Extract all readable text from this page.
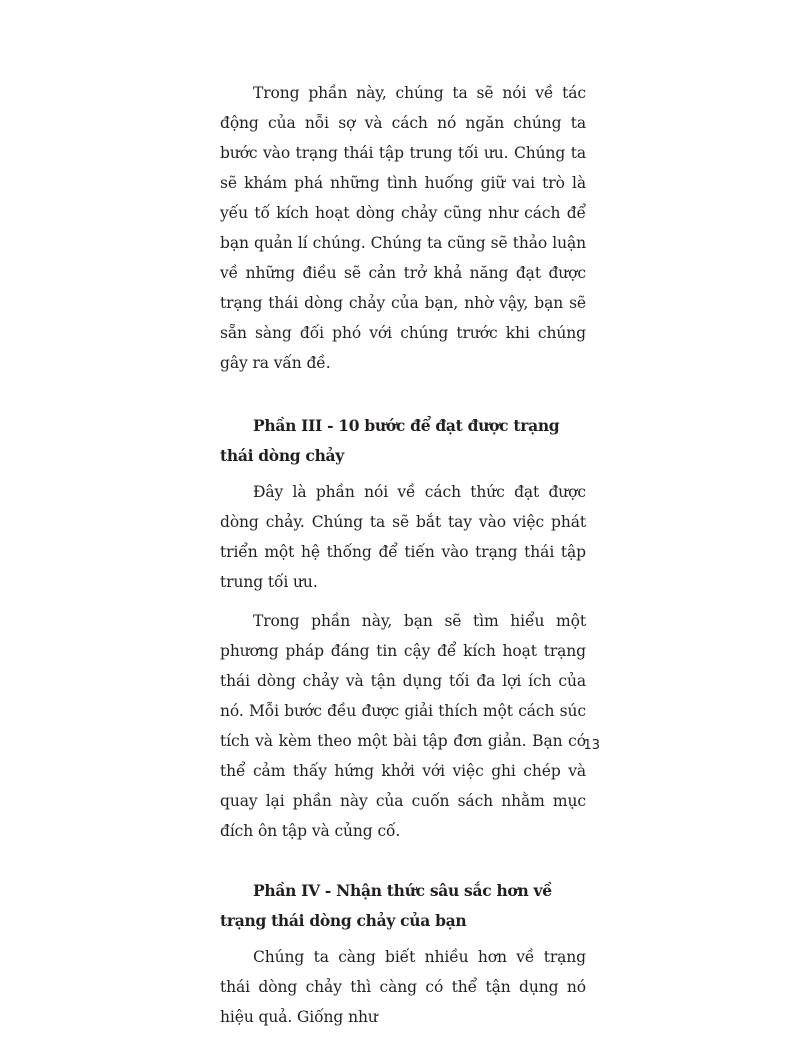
Trong phần này, chúng ta sẽ nói về tác động của nỗi sợ và cách nó ngăn chúng ta bước vào trạng thái tập trung tối ưu. Chúng ta sẽ khám phá những tình huống giữ vai trò là yếu tố kích hoạt dòng chảy cũng như cách để bạn quản lí chúng. Chúng ta cũng sẽ thảo luận về những điều sẽ cản trở khả năng đạt được trạng thái dòng chảy của bạn, nhờ vậy, bạn sẽ sẵn sàng đối phó với chúng trước khi chúng gây ra vấn đề.

Phần III - 10 bước để đạt được trạng thái dòng chảy

Đây là phần nói về cách thức đạt được dòng chảy. Chúng ta sẽ bắt tay vào việc phát triển một hệ thống để tiến vào trạng thái tập trung tối ưu.

Trong phần này, bạn sẽ tìm hiểu một phương pháp đáng tin cậy để kích hoạt trạng thái dòng chảy và tận dụng tối đa lợi ích của nó. Mỗi bước đều được giải thích một cách súc tích và kèm theo một bài tập đơn giản. Bạn có thể cảm thấy hứng khởi với việc ghi chép và quay lại phần này của cuốn sách nhằm mục đích ôn tập và củng cố.

Phần IV - Nhận thức sâu sắc hơn về trạng thái dòng chảy của bạn

Chúng ta càng biết nhiều hơn về trạng thái dòng chảy thì càng có thể tận dụng nó hiệu quả. Giống như

13
